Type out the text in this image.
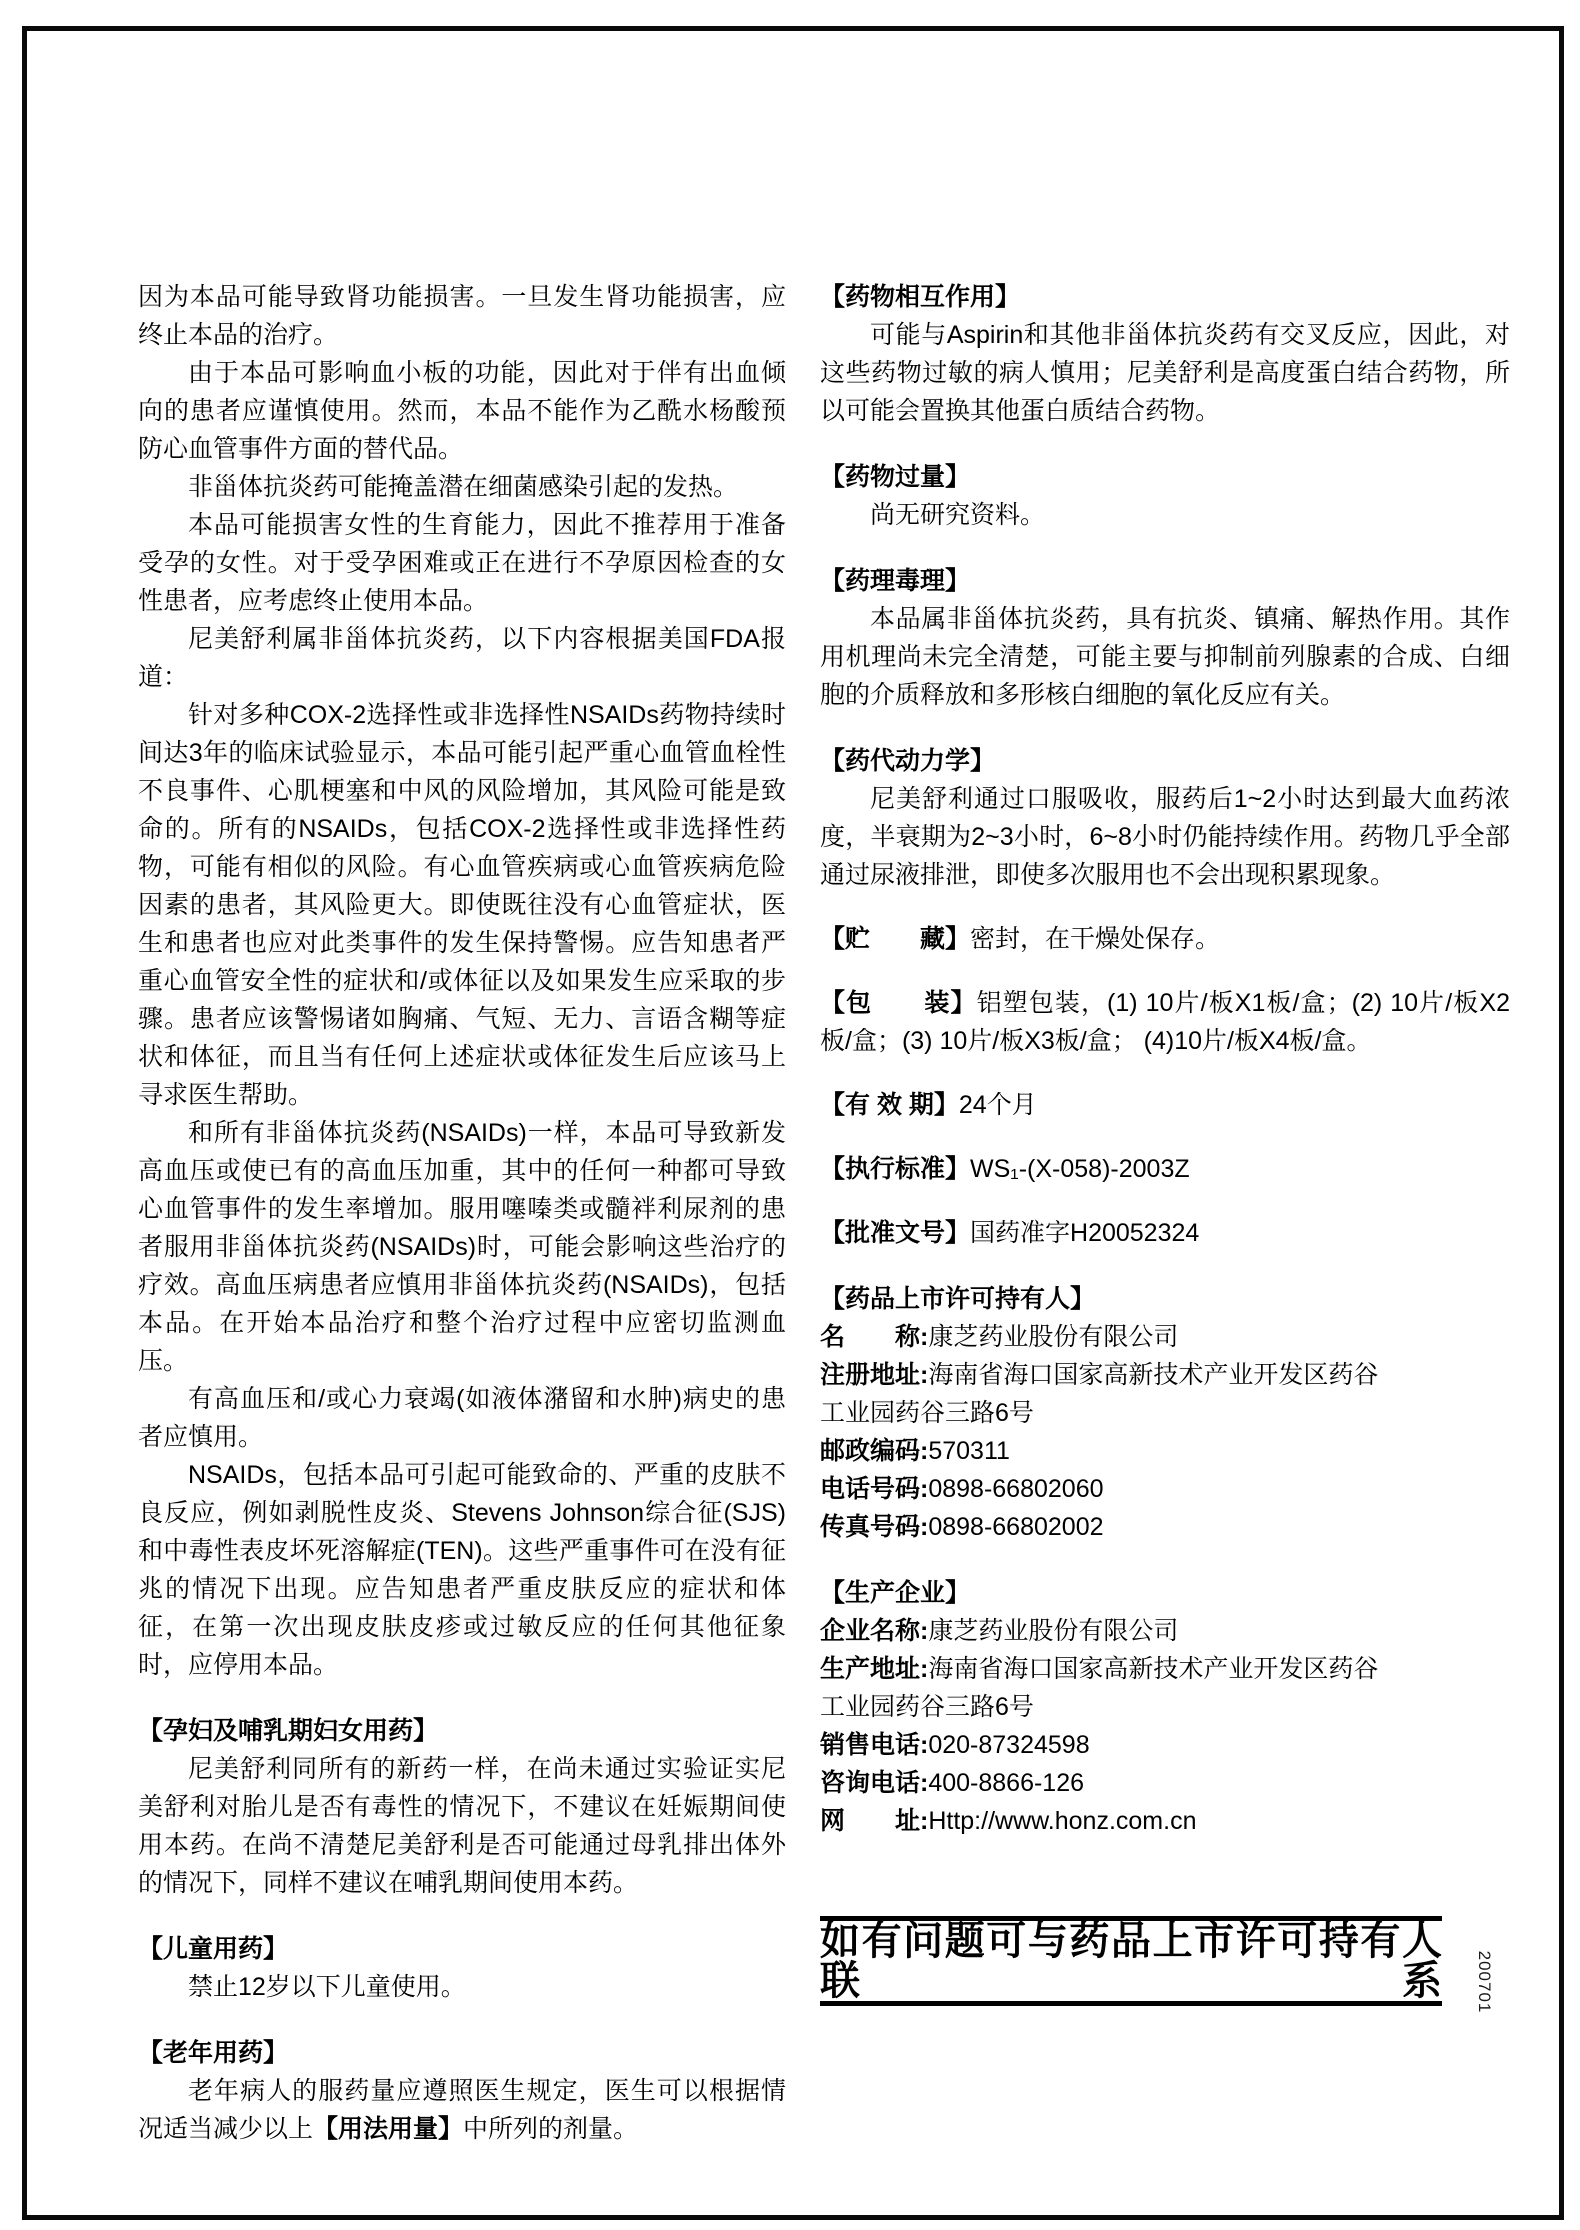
因为本品可能导致肾功能损害。一旦发生肾功能损害，应终止本品的治疗。
由于本品可影响血小板的功能，因此对于伴有出血倾向的患者应谨慎使用。然而，本品不能作为乙酰水杨酸预防心血管事件方面的替代品。
非甾体抗炎药可能掩盖潜在细菌感染引起的发热。
本品可能损害女性的生育能力，因此不推荐用于准备受孕的女性。对于受孕困难或正在进行不孕原因检查的女性患者，应考虑终止使用本品。
尼美舒利属非甾体抗炎药，以下内容根据美国FDA报道：
针对多种COX-2选择性或非选择性NSAIDs药物持续时间达3年的临床试验显示，本品可能引起严重心血管血栓性不良事件、心肌梗塞和中风的风险增加，其风险可能是致命的。所有的NSAIDs，包括COX-2选择性或非选择性药物，可能有相似的风险。有心血管疾病或心血管疾病危险因素的患者，其风险更大。即使既往没有心血管症状，医生和患者也应对此类事件的发生保持警惕。应告知患者严重心血管安全性的症状和/或体征以及如果发生应采取的步骤。患者应该警惕诸如胸痛、气短、无力、言语含糊等症状和体征，而且当有任何上述症状或体征发生后应该马上寻求医生帮助。
和所有非甾体抗炎药(NSAIDs)一样，本品可导致新发高血压或使已有的高血压加重，其中的任何一种都可导致心血管事件的发生率增加。服用噻嗪类或髓袢利尿剂的患者服用非甾体抗炎药(NSAIDs)时，可能会影响这些治疗的疗效。高血压病患者应慎用非甾体抗炎药(NSAIDs)，包括本品。在开始本品治疗和整个治疗过程中应密切监测血压。
有高血压和/或心力衰竭(如液体潴留和水肿)病史的患者应慎用。
NSAIDs，包括本品可引起可能致命的、严重的皮肤不良反应，例如剥脱性皮炎、Stevens Johnson综合征(SJS)和中毒性表皮坏死溶解症(TEN)。这些严重事件可在没有征兆的情况下出现。应告知患者严重皮肤反应的症状和体征，在第一次出现皮肤皮疹或过敏反应的任何其他征象时，应停用本品。
【孕妇及哺乳期妇女用药】
尼美舒利同所有的新药一样，在尚未通过实验证实尼美舒利对胎儿是否有毒性的情况下，不建议在妊娠期间使用本药。在尚不清楚尼美舒利是否可能通过母乳排出体外的情况下，同样不建议在哺乳期间使用本药。
【儿童用药】
禁止12岁以下儿童使用。
【老年用药】
老年病人的服药量应遵照医生规定，医生可以根据情况适当减少以上【用法用量】中所列的剂量。
【药物相互作用】
可能与Aspirin和其他非甾体抗炎药有交叉反应，因此，对这些药物过敏的病人慎用；尼美舒利是高度蛋白结合药物，所以可能会置换其他蛋白质结合药物。
【药物过量】
尚无研究资料。
【药理毒理】
本品属非甾体抗炎药，具有抗炎、镇痛、解热作用。其作用机理尚未完全清楚，可能主要与抑制前列腺素的合成、白细胞的介质释放和多形核白细胞的氧化反应有关。
【药代动力学】
尼美舒利通过口服吸收，服药后1~2小时达到最大血药浓度，半衰期为2~3小时，6~8小时仍能持续作用。药物几乎全部通过尿液排泄，即使多次服用也不会出现积累现象。
【贮　　藏】密封，在干燥处保存。
【包　　装】铝塑包装，(1) 10片/板X1板/盒；(2) 10片/板X2板/盒；(3) 10片/板X3板/盒； (4)10片/板X4板/盒。
【有 效 期】24个月
【执行标准】WS₁-(X-058)-2003Z
【批准文号】国药准字H20052324
【药品上市许可持有人】
名　　称:康芝药业股份有限公司
注册地址:海南省海口国家高新技术产业开发区药谷
工业园药谷三路6号
邮政编码:570311
电话号码:0898-66802060
传真号码:0898-66802002
【生产企业】
企业名称:康芝药业股份有限公司
生产地址:海南省海口国家高新技术产业开发区药谷
工业园药谷三路6号
销售电话:020-87324598
咨询电话:400-8866-126
网　　址:Http://www.honz.com.cn
如有问题可与药品上市许可持有人联系 200701
